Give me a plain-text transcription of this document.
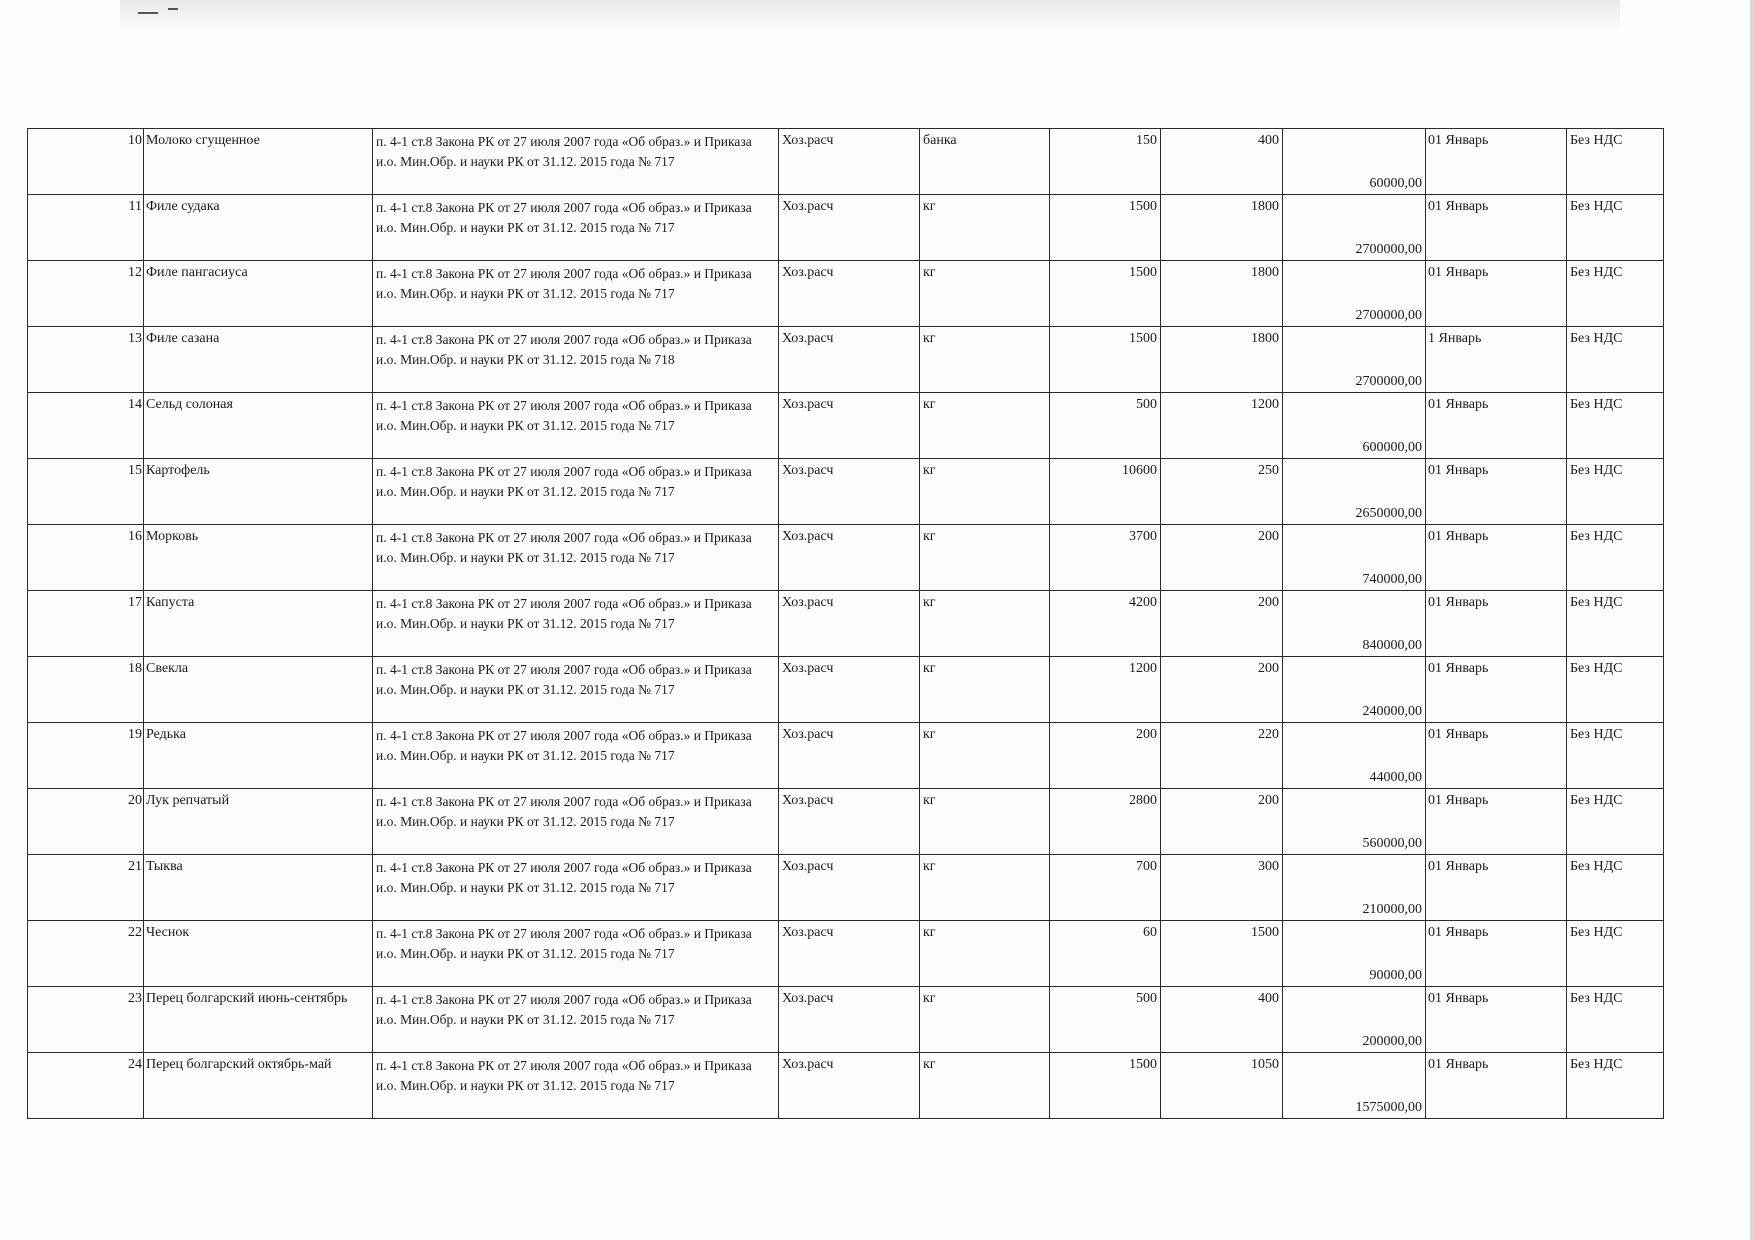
10	Молоко сгущенное	п. 4-1 ст.8 Закона РК от 27 июля 2007 года «Об образ.» и Приказа и.о. Мин.Обр. и науки РК от 31.12. 2015 года № 717	Хоз.расч	банка	150	400	60000,00	01 Январь	Без НДС
11	Филе судака	п. 4-1 ст.8 Закона РК от 27 июля 2007 года «Об образ.» и Приказа и.о. Мин.Обр. и науки РК от 31.12. 2015 года № 717	Хоз.расч	кг	1500	1800	2700000,00	01 Январь	Без НДС
12	Филе пангасиуса	п. 4-1 ст.8 Закона РК от 27 июля 2007 года «Об образ.» и Приказа и.о. Мин.Обр. и науки РК от 31.12. 2015 года № 717	Хоз.расч	кг	1500	1800	2700000,00	01 Январь	Без НДС
13	Филе сазана	п. 4-1 ст.8 Закона РК от 27 июля 2007 года «Об образ.» и Приказа и.о. Мин.Обр. и науки РК от 31.12. 2015 года № 718	Хоз.расч	кг	1500	1800	2700000,00	1 Январь	Без НДС
14	Сельд солоная	п. 4-1 ст.8 Закона РК от 27 июля 2007 года «Об образ.» и Приказа и.о. Мин.Обр. и науки РК от 31.12. 2015 года № 717	Хоз.расч	кг	500	1200	600000,00	01 Январь	Без НДС
15	Картофель	п. 4-1 ст.8 Закона РК от 27 июля 2007 года «Об образ.» и Приказа и.о. Мин.Обр. и науки РК от 31.12. 2015 года № 717	Хоз.расч	кг	10600	250	2650000,00	01 Январь	Без НДС
16	Морковь	п. 4-1 ст.8 Закона РК от 27 июля 2007 года «Об образ.» и Приказа и.о. Мин.Обр. и науки РК от 31.12. 2015 года № 717	Хоз.расч	кг	3700	200	740000,00	01 Январь	Без НДС
17	Капуста	п. 4-1 ст.8 Закона РК от 27 июля 2007 года «Об образ.» и Приказа и.о. Мин.Обр. и науки РК от 31.12. 2015 года № 717	Хоз.расч	кг	4200	200	840000,00	01 Январь	Без НДС
18	Свекла	п. 4-1 ст.8 Закона РК от 27 июля 2007 года «Об образ.» и Приказа и.о. Мин.Обр. и науки РК от 31.12. 2015 года № 717	Хоз.расч	кг	1200	200	240000,00	01 Январь	Без НДС
19	Редька	п. 4-1 ст.8 Закона РК от 27 июля 2007 года «Об образ.» и Приказа и.о. Мин.Обр. и науки РК от 31.12. 2015 года № 717	Хоз.расч	кг	200	220	44000,00	01 Январь	Без НДС
20	Лук репчатый	п. 4-1 ст.8 Закона РК от 27 июля 2007 года «Об образ.» и Приказа и.о. Мин.Обр. и науки РК от 31.12. 2015 года № 717	Хоз.расч	кг	2800	200	560000,00	01 Январь	Без НДС
21	Тыква	п. 4-1 ст.8 Закона РК от 27 июля 2007 года «Об образ.» и Приказа и.о. Мин.Обр. и науки РК от 31.12. 2015 года № 717	Хоз.расч	кг	700	300	210000,00	01 Январь	Без НДС
22	Чеснок	п. 4-1 ст.8 Закона РК от 27 июля 2007 года «Об образ.» и Приказа и.о. Мин.Обр. и науки РК от 31.12. 2015 года № 717	Хоз.расч	кг	60	1500	90000,00	01 Январь	Без НДС
23	Перец болгарский июнь-сентябрь	п. 4-1 ст.8 Закона РК от 27 июля 2007 года «Об образ.» и Приказа и.о. Мин.Обр. и науки РК от 31.12. 2015 года № 717	Хоз.расч	кг	500	400	200000,00	01 Январь	Без НДС
24	Перец болгарский октябрь-май	п. 4-1 ст.8 Закона РК от 27 июля 2007 года «Об образ.» и Приказа и.о. Мин.Обр. и науки РК от 31.12. 2015 года № 717	Хоз.расч	кг	1500	1050	1575000,00	01 Январь	Без НДС
